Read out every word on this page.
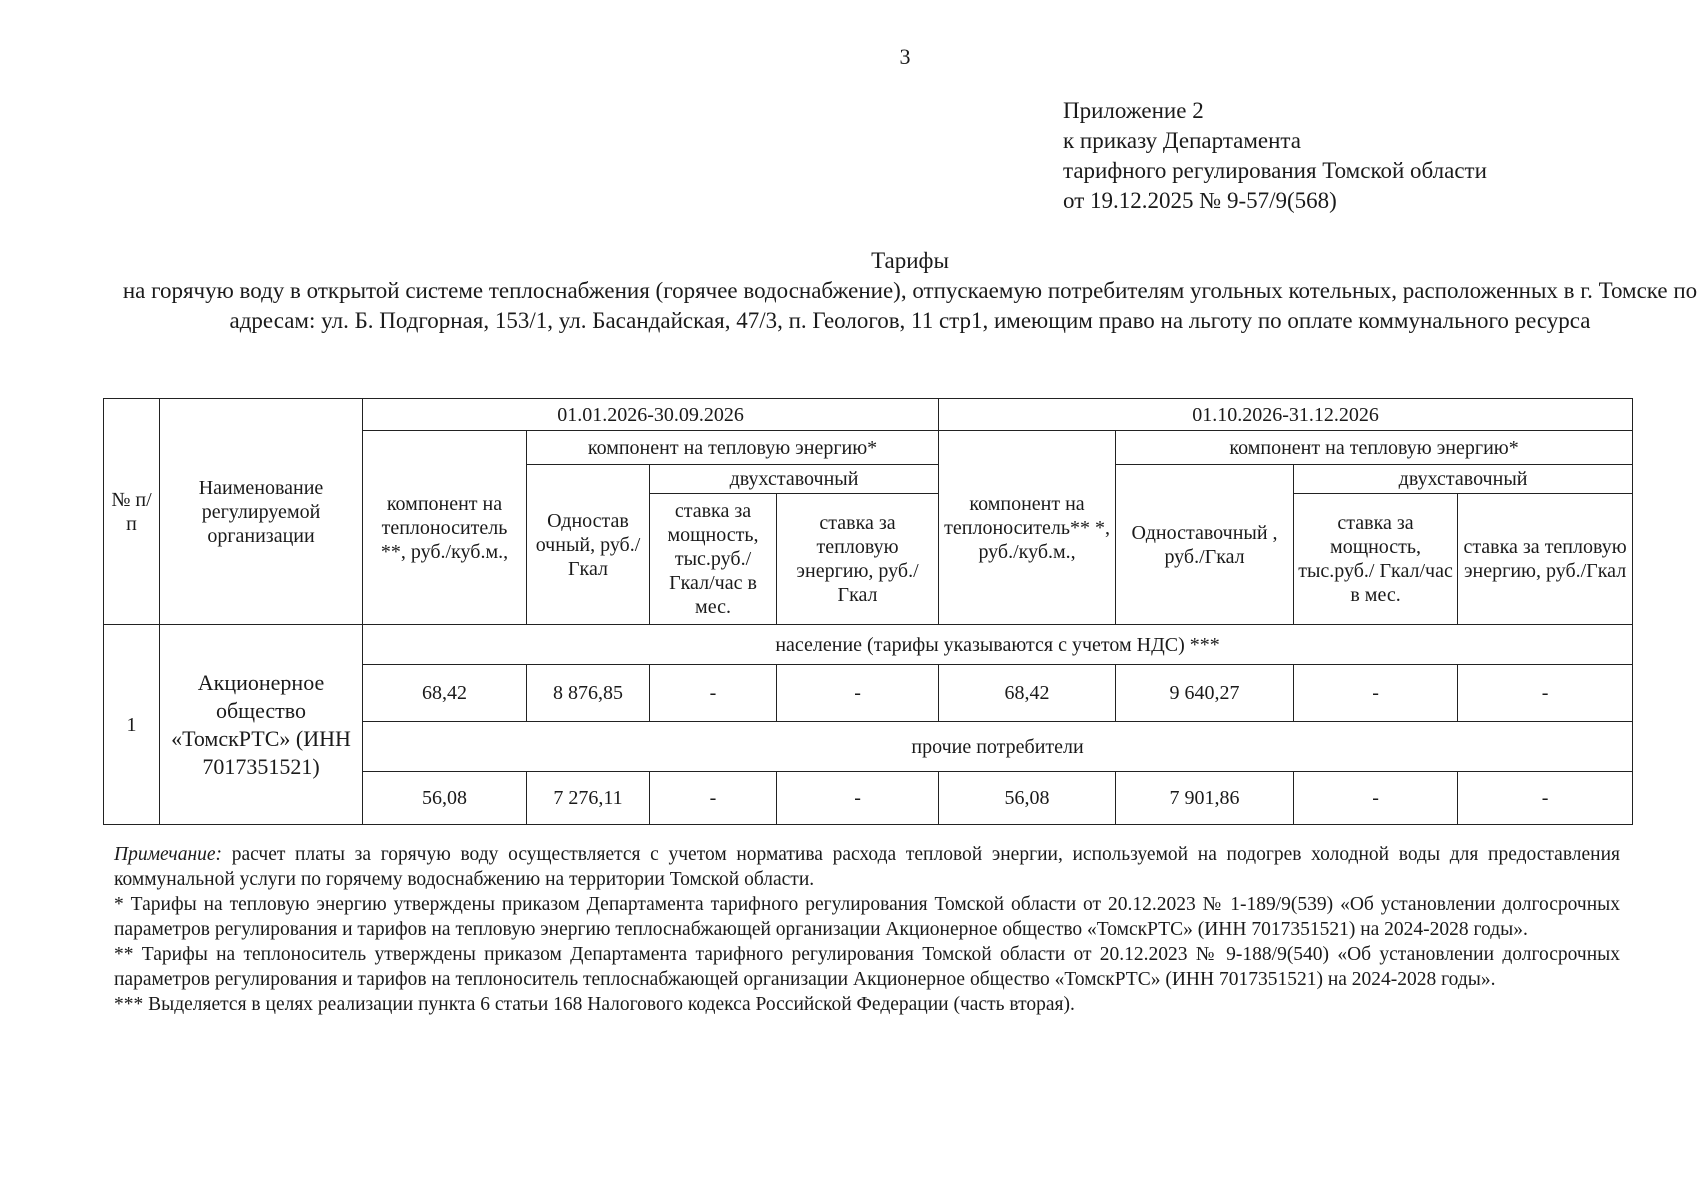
3
Приложение 2
к приказу Департамента
тарифного регулирования Томской области
от 19.12.2025 № 9-57/9(568)
Тарифы
на горячую воду в открытой системе теплоснабжения (горячее водоснабжение), отпускаемую потребителям угольных котельных, расположенных в г. Томске по адресам: ул. Б. Подгорная, 153/1, ул. Басандайская, 47/3, п. Геологов, 11 стр1, имеющим право на льготу по оплате коммунального ресурса
№ п/п	Наименование регулируемой организации	01.01.2026-30.09.2026				01.10.2026-31.12.2026			
		компонент на теплоноситель **, руб./куб.м.,	компонент на тепловую энергию*			компонент на теплоноситель** *, руб./куб.м.,	компонент на тепловую энергию*		
			Одностав очный, руб./Гкал	двухставочный			Одноставочный , руб./Гкал	двухставочный	
				ставка за мощность, тыс.руб./ Гкал/час в мес.	ставка за тепловую энергию, руб./Гкал			ставка за мощность, тыс.руб./ Гкал/час в мес.	ставка за тепловую энергию, руб./Гкал
1	Акционерное общество «ТомскРТС» (ИНН 7017351521)	население (тарифы указываются с учетом НДС) ***							
		68,42	8 876,85	-	-	68,42	9 640,27	-	-
		прочие потребители							
		56,08	7 276,11	-	-	56,08	7 901,86	-	-

Примечание: расчет платы за горячую воду осуществляется с учетом норматива расхода тепловой энергии, используемой на подогрев холодной воды для предоставления коммунальной услуги по горячему водоснабжению на территории Томской области.

* Тарифы на тепловую энергию утверждены приказом Департамента тарифного регулирования Томской области от 20.12.2023 № 1-189/9(539) «Об установлении долгосрочных параметров регулирования и тарифов на тепловую энергию теплоснабжающей организации Акционерное общество «ТомскРТС» (ИНН 7017351521) на 2024-2028 годы».

** Тарифы на теплоноситель утверждены приказом Департамента тарифного регулирования Томской области от 20.12.2023 № 9-188/9(540) «Об установлении долгосрочных параметров регулирования и тарифов на теплоноситель теплоснабжающей организации Акционерное общество «ТомскРТС» (ИНН 7017351521) на 2024-2028 годы».

*** Выделяется в целях реализации пункта 6 статьи 168 Налогового кодекса Российской Федерации (часть вторая).
